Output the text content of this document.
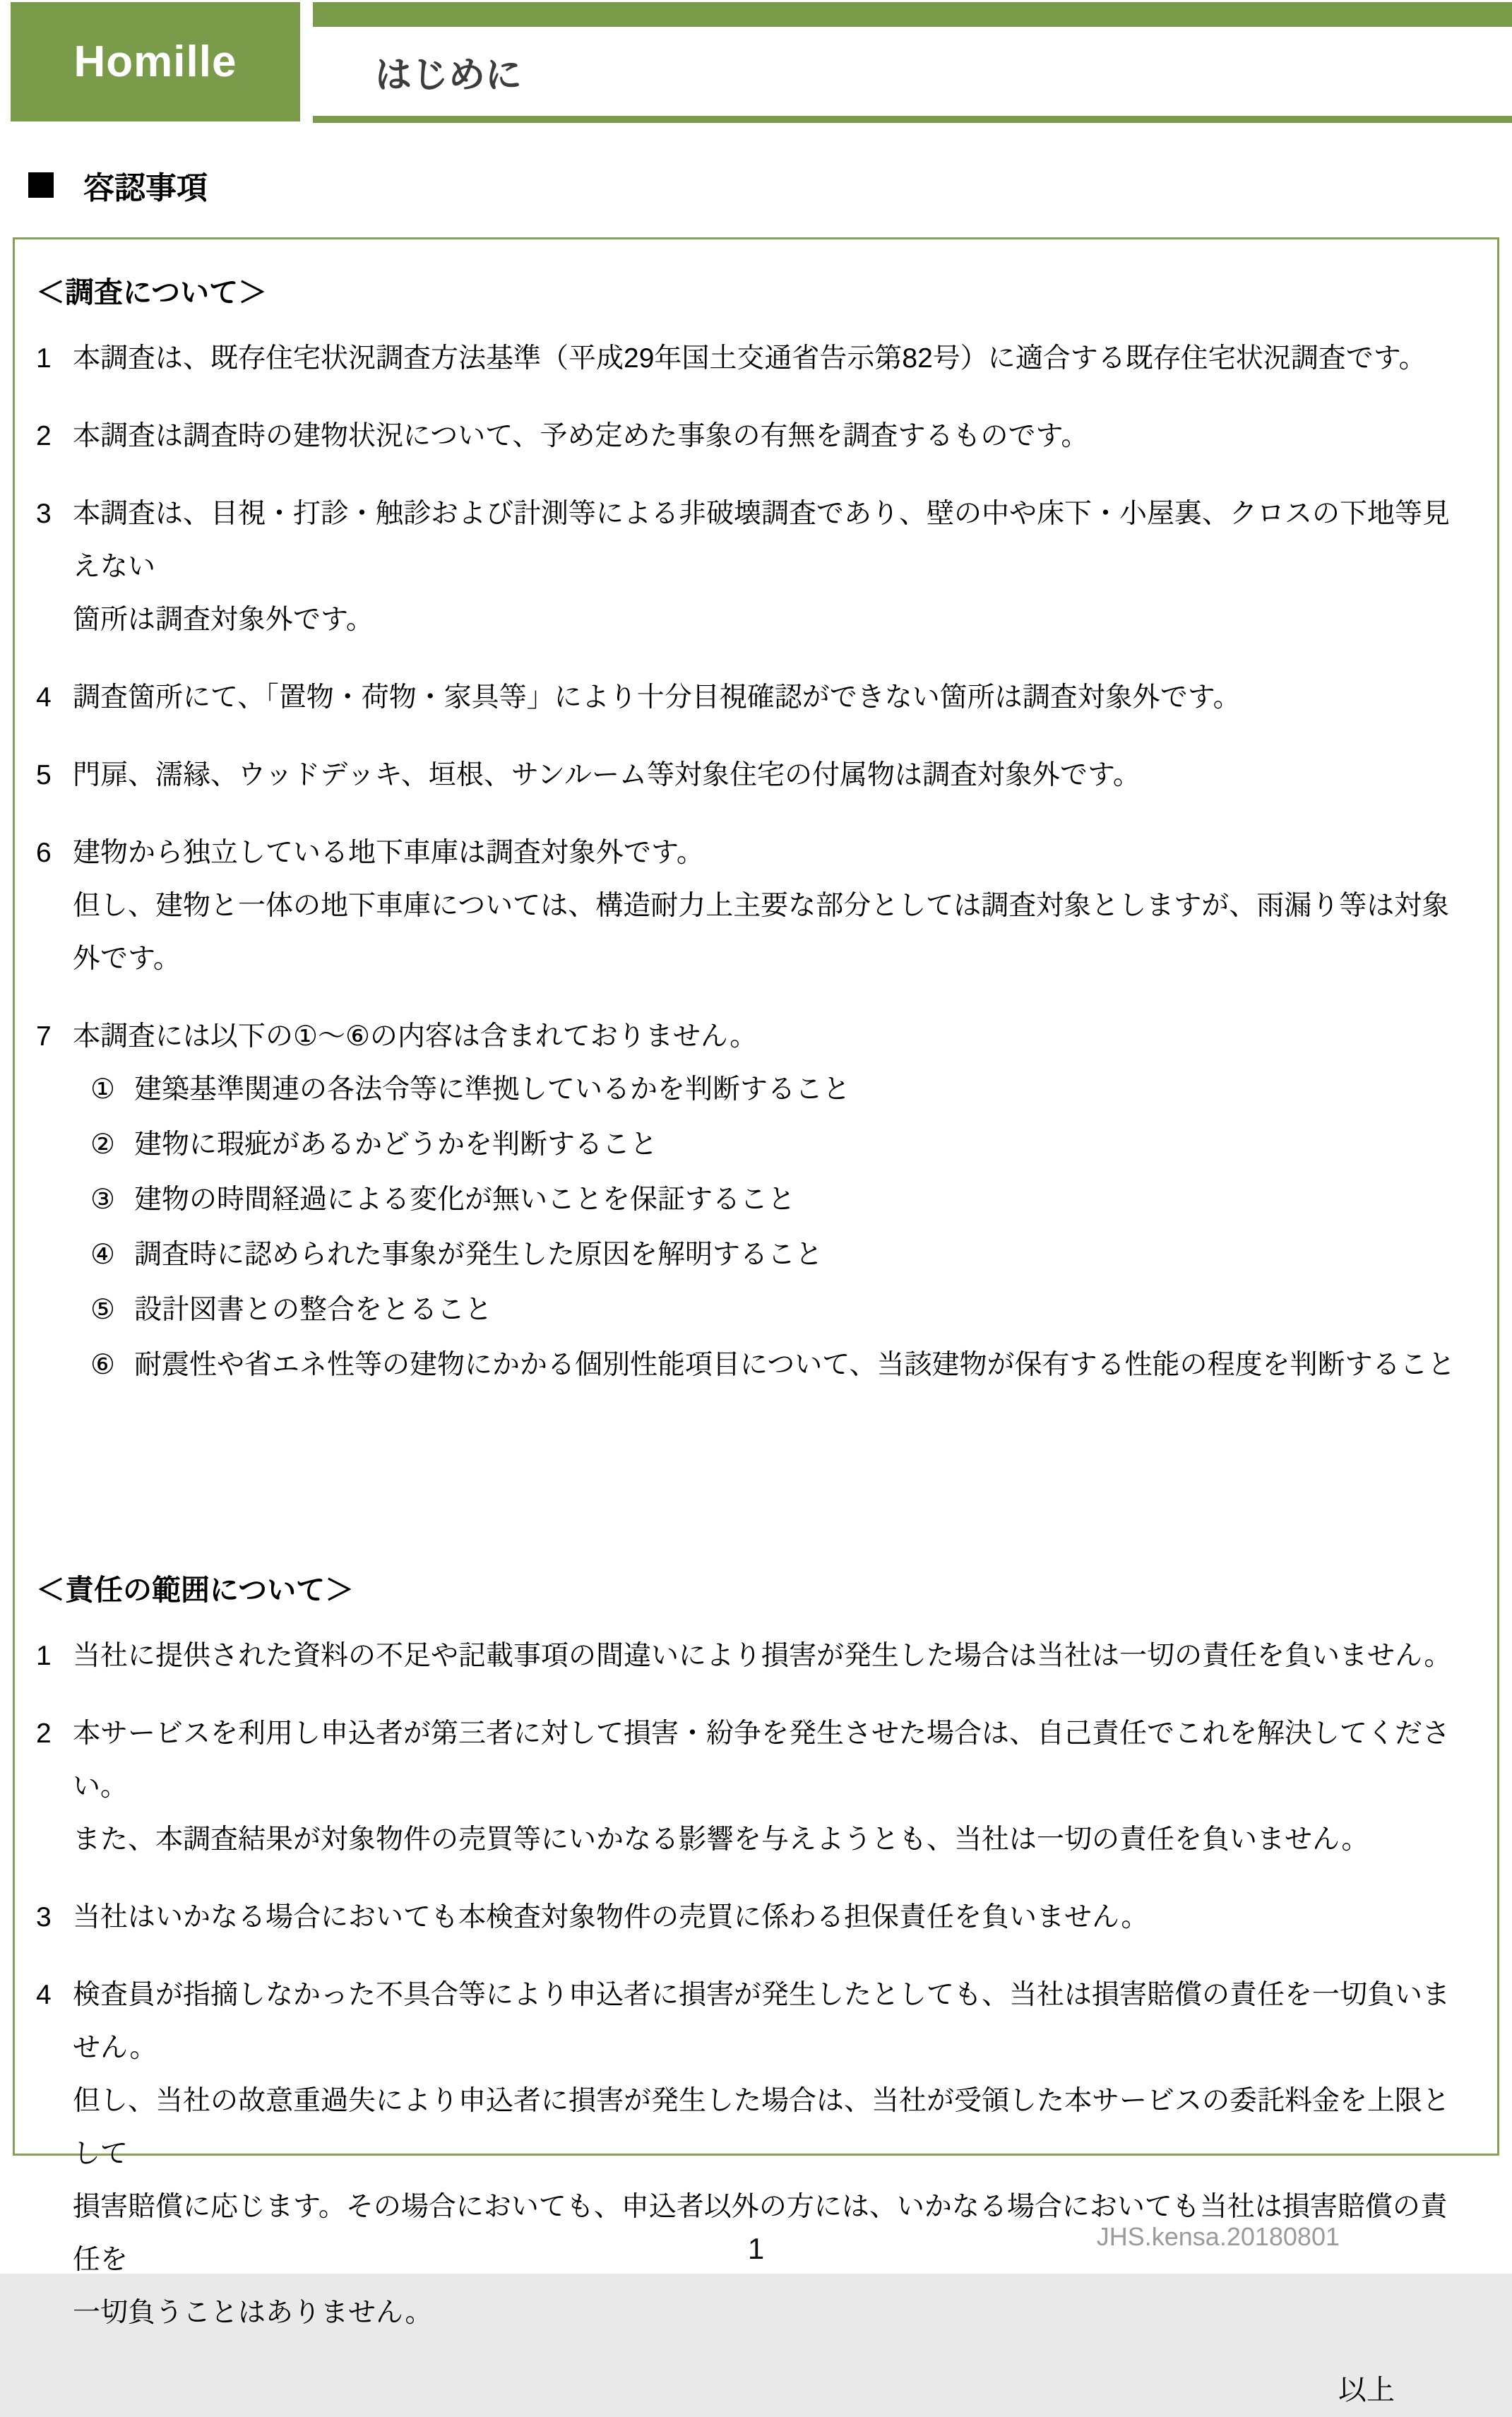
Homille	はじめに
容認事項
＜調査について＞
1 本調査は、既存住宅状況調査方法基準（平成29年国土交通省告示第82号）に適合する既存住宅状況調査です。

2 本調査は調査時の建物状況について、予め定めた事象の有無を調査するものです。

3 本調査は、目視・打診・触診および計測等による非破壊調査であり、壁の中や床下・小屋裏、クロスの下地等見えない

箇所は調査対象外です。

4 調査箇所にて、「置物・荷物・家具等」により十分目視確認ができない箇所は調査対象外です。

5 門扉、濡縁、ウッドデッキ、垣根、サンルーム等対象住宅の付属物は調査対象外です。

6 建物から独立している地下車庫は調査対象外です。

但し、建物と一体の地下車庫については、構造耐力上主要な部分としては調査対象としますが、雨漏り等は対象外です。

7 本調査には以下の①～⑥の内容は含まれておりません。

① 建築基準関連の各法令等に準拠しているかを判断すること
② 建物に瑕疵があるかどうかを判断すること
③ 建物の時間経過による変化が無いことを保証すること
④ 調査時に認められた事象が発生した原因を解明すること
⑤ 設計図書との整合をとること
⑥ 耐震性や省エネ性等の建物にかかる個別性能項目について、当該建物が保有する性能の程度を判断すること
＜責任の範囲について＞
1 当社に提供された資料の不足や記載事項の間違いにより損害が発生した場合は当社は一切の責任を負いません。

2 本サービスを利用し申込者が第三者に対して損害・紛争を発生させた場合は、自己責任でこれを解決してください。

また、本調査結果が対象物件の売買等にいかなる影響を与えようとも、当社は一切の責任を負いません。

3 当社はいかなる場合においても本検査対象物件の売買に係わる担保責任を負いません。

4 検査員が指摘しなかった不具合等により申込者に損害が発生したとしても、当社は損害賠償の責任を一切負いません。

但し、当社の故意重過失により申込者に損害が発生した場合は、当社が受領した本サービスの委託料金を上限として

損害賠償に応じます。その場合においても、申込者以外の方には、いかなる場合においても当社は損害賠償の責任を

一切負うことはありません。

以上
JHS.kensa.20180801
1
